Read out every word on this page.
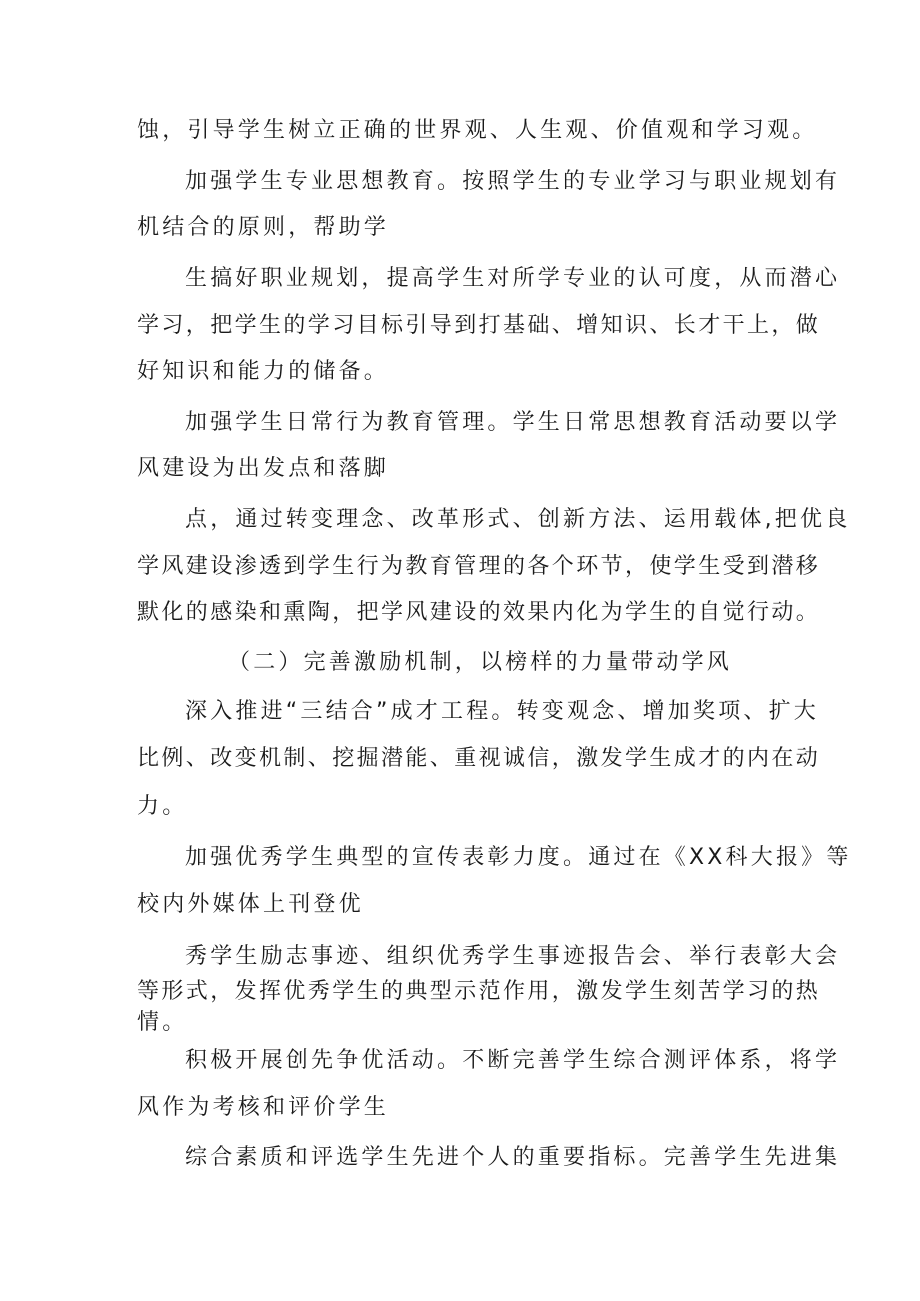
蚀，引导学生树立正确的世界观、人生观、价值观和学习观。
加强学生专业思想教育。按照学生的专业学习与职业规划有
机结合的原则，帮助学
生搞好职业规划，提高学生对所学专业的认可度，从而潜心
学习，把学生的学习目标引导到打基础、增知识、长才干上，做
好知识和能力的储备。
加强学生日常行为教育管理。学生日常思想教育活动要以学
风建设为出发点和落脚
点，通过转变理念、改革形式、创新方法、运用载体,把优良
学风建设渗透到学生行为教育管理的各个环节，使学生受到潜移
默化的感染和熏陶，把学风建设的效果内化为学生的自觉行动。
（二）完善激励机制，以榜样的力量带动学风
深入推进“三结合”成才工程。转变观念、增加奖项、扩大
比例、改变机制、挖掘潜能、重视诚信，激发学生成才的内在动
力。
加强优秀学生典型的宣传表彰力度。通过在《XX科大报》等
校内外媒体上刊登优
秀学生励志事迹、组织优秀学生事迹报告会、举行表彰大会
等形式，发挥优秀学生的典型示范作用，激发学生刻苦学习的热
情。
积极开展创先争优活动。不断完善学生综合测评体系，将学
风作为考核和评价学生
综合素质和评选学生先进个人的重要指标。完善学生先进集
